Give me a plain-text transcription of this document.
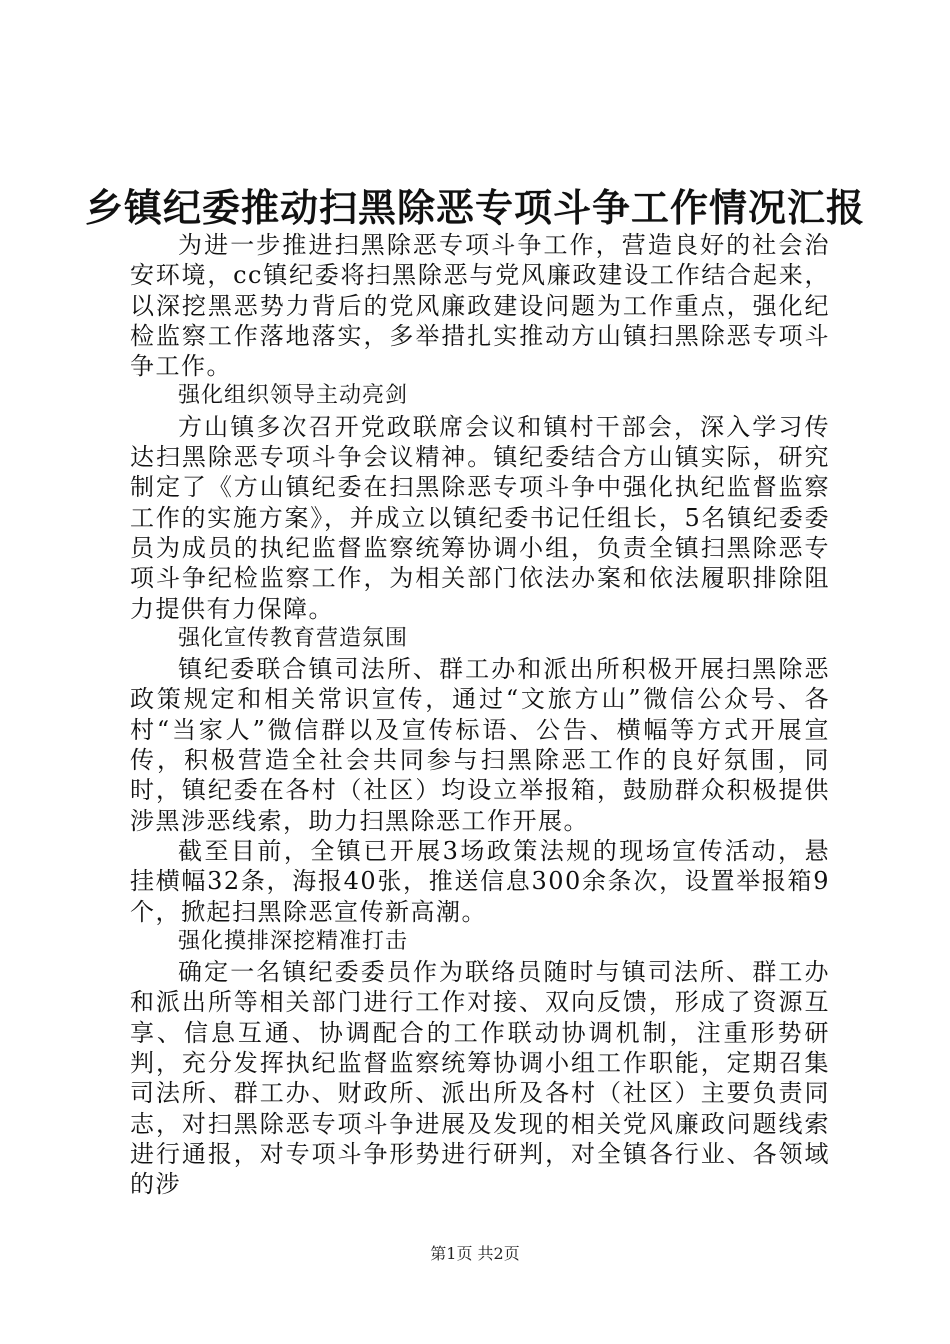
乡镇纪委推动扫黑除恶专项斗争工作情况汇报

为进一步推进扫黑除恶专项斗争工作，营造良好的社会治安环境，cc镇纪委将扫黑除恶与党风廉政建设工作结合起来，以深挖黑恶势力背后的党风廉政建设问题为工作重点，强化纪检监察工作落地落实，多举措扎实推动方山镇扫黑除恶专项斗争工作。

强化组织领导主动亮剑

方山镇多次召开党政联席会议和镇村干部会，深入学习传达扫黑除恶专项斗争会议精神。镇纪委结合方山镇实际，研究制定了《方山镇纪委在扫黑除恶专项斗争中强化执纪监督监察工作的实施方案》，并成立以镇纪委书记任组长，5名镇纪委委员为成员的执纪监督监察统筹协调小组，负责全镇扫黑除恶专项斗争纪检监察工作，为相关部门依法办案和依法履职排除阻力提供有力保障。

强化宣传教育营造氛围

镇纪委联合镇司法所、群工办和派出所积极开展扫黑除恶政策规定和相关常识宣传，通过“文旅方山”微信公众号、各村“当家人”微信群以及宣传标语、公告、横幅等方式开展宣传，积极营造全社会共同参与扫黑除恶工作的良好氛围，同时，镇纪委在各村（社区）均设立举报箱，鼓励群众积极提供涉黑涉恶线索，助力扫黑除恶工作开展。

截至目前，全镇已开展3场政策法规的现场宣传活动，悬挂横幅32条，海报40张，推送信息300余条次，设置举报箱9个，掀起扫黑除恶宣传新高潮。

强化摸排深挖精准打击

确定一名镇纪委委员作为联络员随时与镇司法所、群工办和派出所等相关部门进行工作对接、双向反馈，形成了资源互享、信息互通、协调配合的工作联动协调机制，注重形势研判，充分发挥执纪监督监察统筹协调小组工作职能，定期召集司法所、群工办、财政所、派出所及各村（社区）主要负责同志，对扫黑除恶专项斗争进展及发现的相关党风廉政问题线索进行通报，对专项斗争形势进行研判，对全镇各行业、各领域的涉

第1页 共2页
